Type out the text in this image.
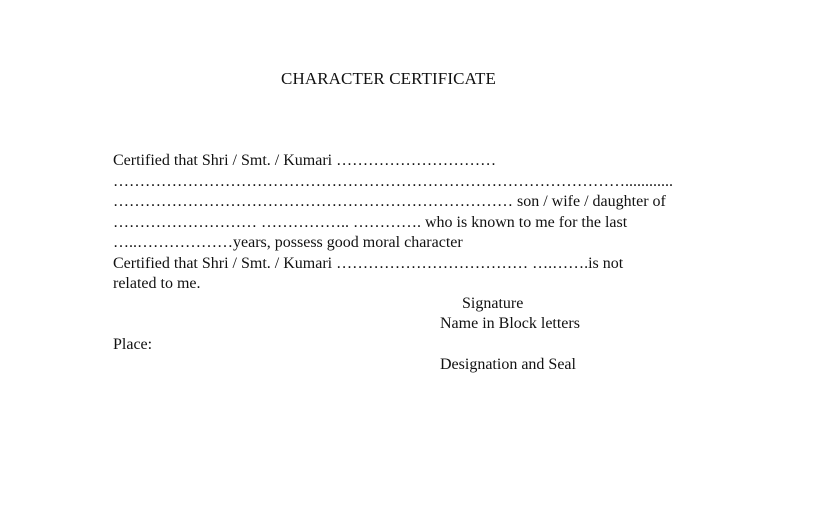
CHARACTER CERTIFICATE
Certified that Shri / Smt. / Kumari …………………………
……………………………………………………………………………………............
………………………………………………………………… son / wife / daughter of
……………………… …………….. …………. who is known to me for the last
…..………………years, possess good moral character
Certified that Shri / Smt. / Kumari ……………………………… ….…….is not
related to me.
Signature
Name in Block letters
Place:
Designation and Seal
